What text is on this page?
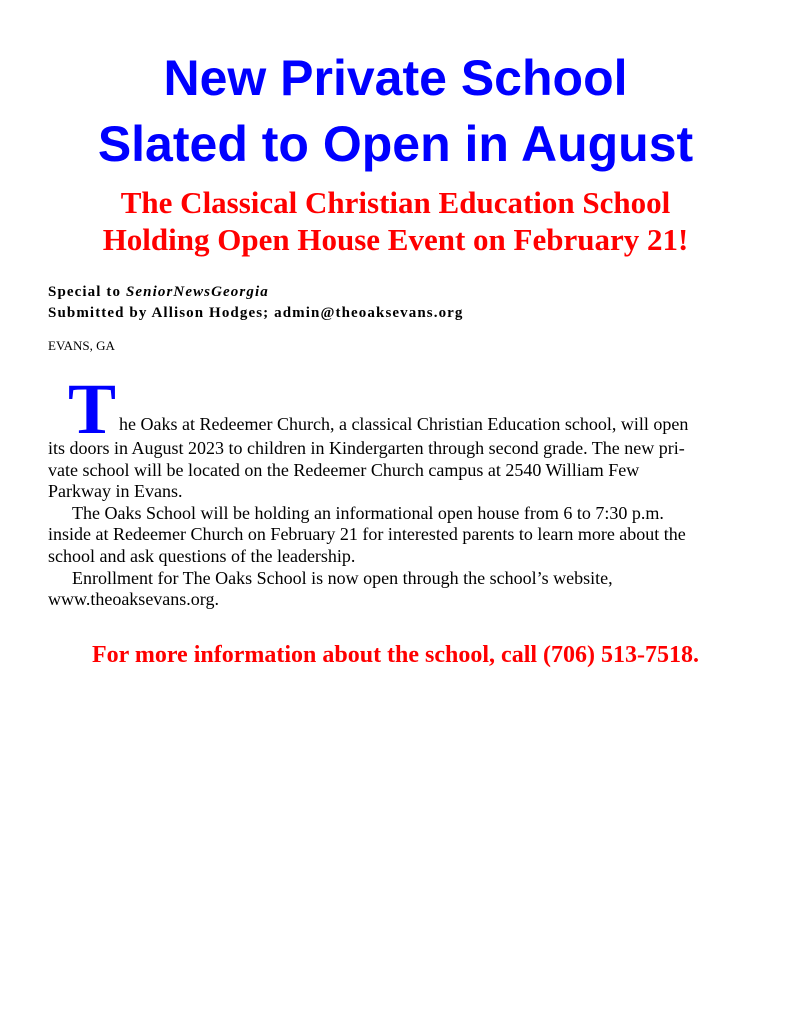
New Private School
Slated to Open in August
The Classical Christian Education School
Holding Open House Event on February 21!
Special to SeniorNewsGeorgia
Submitted by Allison Hodges; admin@theoaksevans.org
EVANS, GA
T he Oaks at Redeemer Church, a classical Christian Education school, will open
its doors in August 2023 to children in Kindergarten through second grade. The new pri-
vate school will be located on the Redeemer Church campus at 2540 William Few
Parkway in Evans.
The Oaks School will be holding an informational open house from 6 to 7:30 p.m.
inside at Redeemer Church on February 21 for interested parents to learn more about the
school and ask questions of the leadership.
Enrollment for The Oaks School is now open through the school’s website,
www.theoaksevans.org.
For more information about the school, call (706) 513-7518.
